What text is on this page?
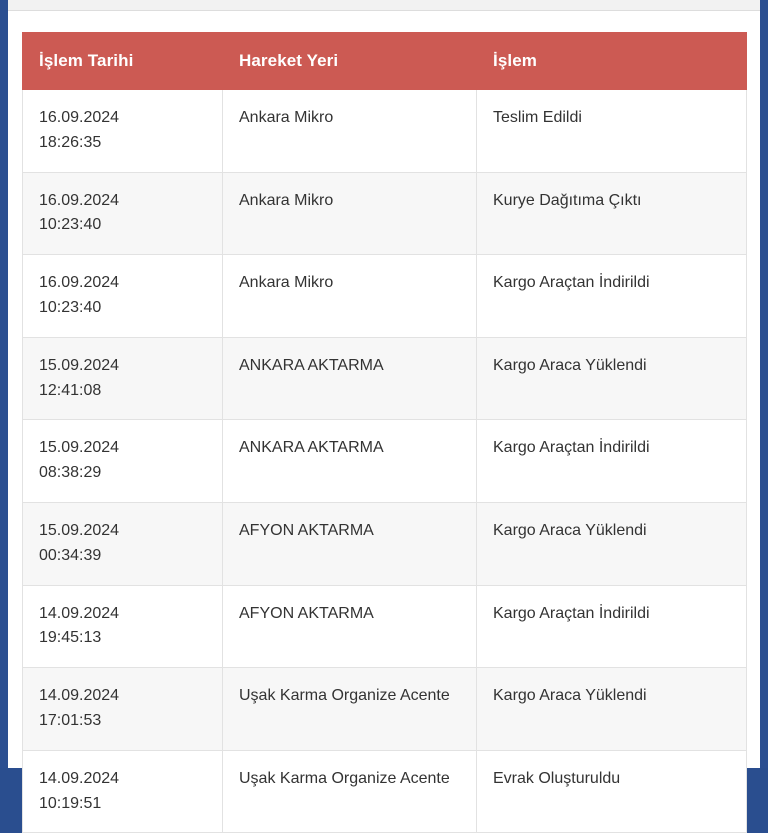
İşlem Tarihi	Hareket Yeri	İşlem

16.09.2024
18:26:35	Ankara Mikro	Teslim Edildi

16.09.2024
10:23:40	Ankara Mikro	Kurye Dağıtıma Çıktı

16.09.2024
10:23:40	Ankara Mikro	Kargo Araçtan İndirildi

15.09.2024
12:41:08	ANKARA AKTARMA	Kargo Araca Yüklendi

15.09.2024
08:38:29	ANKARA AKTARMA	Kargo Araçtan İndirildi

15.09.2024
00:34:39	AFYON AKTARMA	Kargo Araca Yüklendi

14.09.2024
19:45:13	AFYON AKTARMA	Kargo Araçtan İndirildi

14.09.2024
17:01:53	Uşak Karma Organize Acente	Kargo Araca Yüklendi

14.09.2024
10:19:51	Uşak Karma Organize Acente	Evrak Oluşturuldu
